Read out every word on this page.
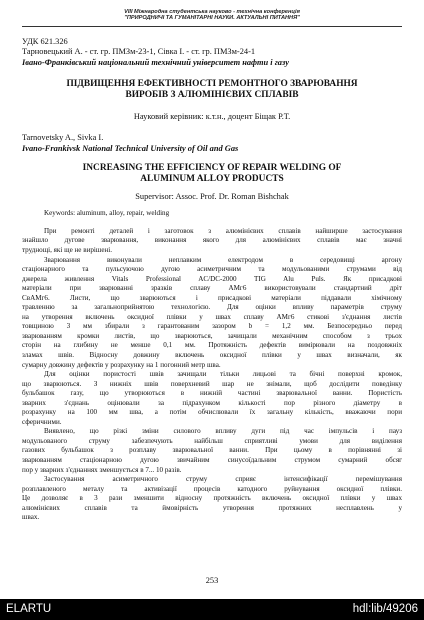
VIII Міжнародна студентська науково - технічна конференція
"ПРИРОДНИЧІ ТА ГУМАНІТАРНІ НАУКИ. АКТУАЛЬНІ ПИТАННЯ"
УДК 621.326
Тарновецький А. - ст. гр. ПМЗм-23-1, Сівка І. - ст. гр. ПМЗм-24-1
Івано-Франківський національний технічний університет нафти і газу
ПІДВИЩЕННЯ ЕФЕКТИВНОСТІ РЕМОНТНОГО ЗВАРЮВАННЯ
ВИРОБІВ З АЛЮМІНІЄВИХ СПЛАВІВ
Науковий керівник: к.т.н., доцент Біщак Р.Т.
Tarnovetsky A., Sivka I.
Ivano-Frankivsk National Technical University of Oil and Gas
INCREASING THE EFFICIENCY OF REPAIR WELDING OF
ALUMINUM ALLOY PRODUCTS
Supervisor: Assoc. Prof. Dr. Roman Bishchak
Keywords: aluminum, alloy, repair, welding
При ремонті деталей і заготовок з алюмінієвих сплавів найширше застосування
знайшло дугове зварювання, виконання якого для алюмінієвих сплавів має значні
труднощі, які ще не вирішені.
Зварювання виконували неплавким електродом в середовищі аргону
стаціонарного та пульсуючою дугою асиметричним та модульованими струмами від
джерела живлення Vitals Professional AC/DC-2000 TIG Alu Puls. Як присадкові
матеріали при зварюванні зразків сплаву АМг6 використовували стандартний дріт
СвАМг6. Листи, що зварюються і присадкові матеріали піддавали хімічному
травленню за загальноприйнятою технологією. Для оцінки впливу параметрів струму
на утворення включень оксидної плівки у швах сплаву АМг6 стикові з'єднання листів
товщиною 3 мм збирали з гарантованим зазором b = 1,2 мм. Безпосередньо перед
зварюванням кромки листів, що зварюються, зачищали механічним способом з трьох
сторін на глибину не менше 0,1 мм. Протяжність дефектів вимірювали на поздовжніх
зламах швів. Відносну довжину включень оксидної плівки у швах визначали, як
сумарну довжину дефектів у розрахунку на 1 погонний метр шва.
Для оцінки пористості швів зачищали тільки лицьові та бічні поверхні кромок,
що зварюються. З нижніх швів поверхневий шар не знімали, щоб дослідити поведінку
бульбашок газу, що утворюються в нижній частині зварювальної ванни. Пористість
зварних з'єднань оцінювали за підрахунком кількості пор різного діаметру в
розрахунку на 100 мм шва, а потім обчислювали їх загальну кількість, вважаючи пори
сферичними.
Виявлено, що різкі зміни силового впливу дуги під час імпульсів і пауз
модульованого струму забезпечують найбільш сприятливі умови для виділення
газових бульбашок з розплаву зварювальної ванни. При цьому в порівнянні зі
зварюванням стаціонарною дугою звичайним синусоїдальним струмом сумарний обсяг
пор у зварних з'єднаннях зменшується в 7... 10 разів.
Застосування асиметричного струму сприяє інтенсифікації перемішування
розплавленого металу та активізації процесів катодного руйнування оксидної плівки.
Це дозволяє в 3 рази зменшити відносну протяжність включень оксидної плівки у швах
алюмінієвих сплавів та ймовірність утворення протяжних несплавлень у
швах.
253
ELARTU	hdl:lib/49206
